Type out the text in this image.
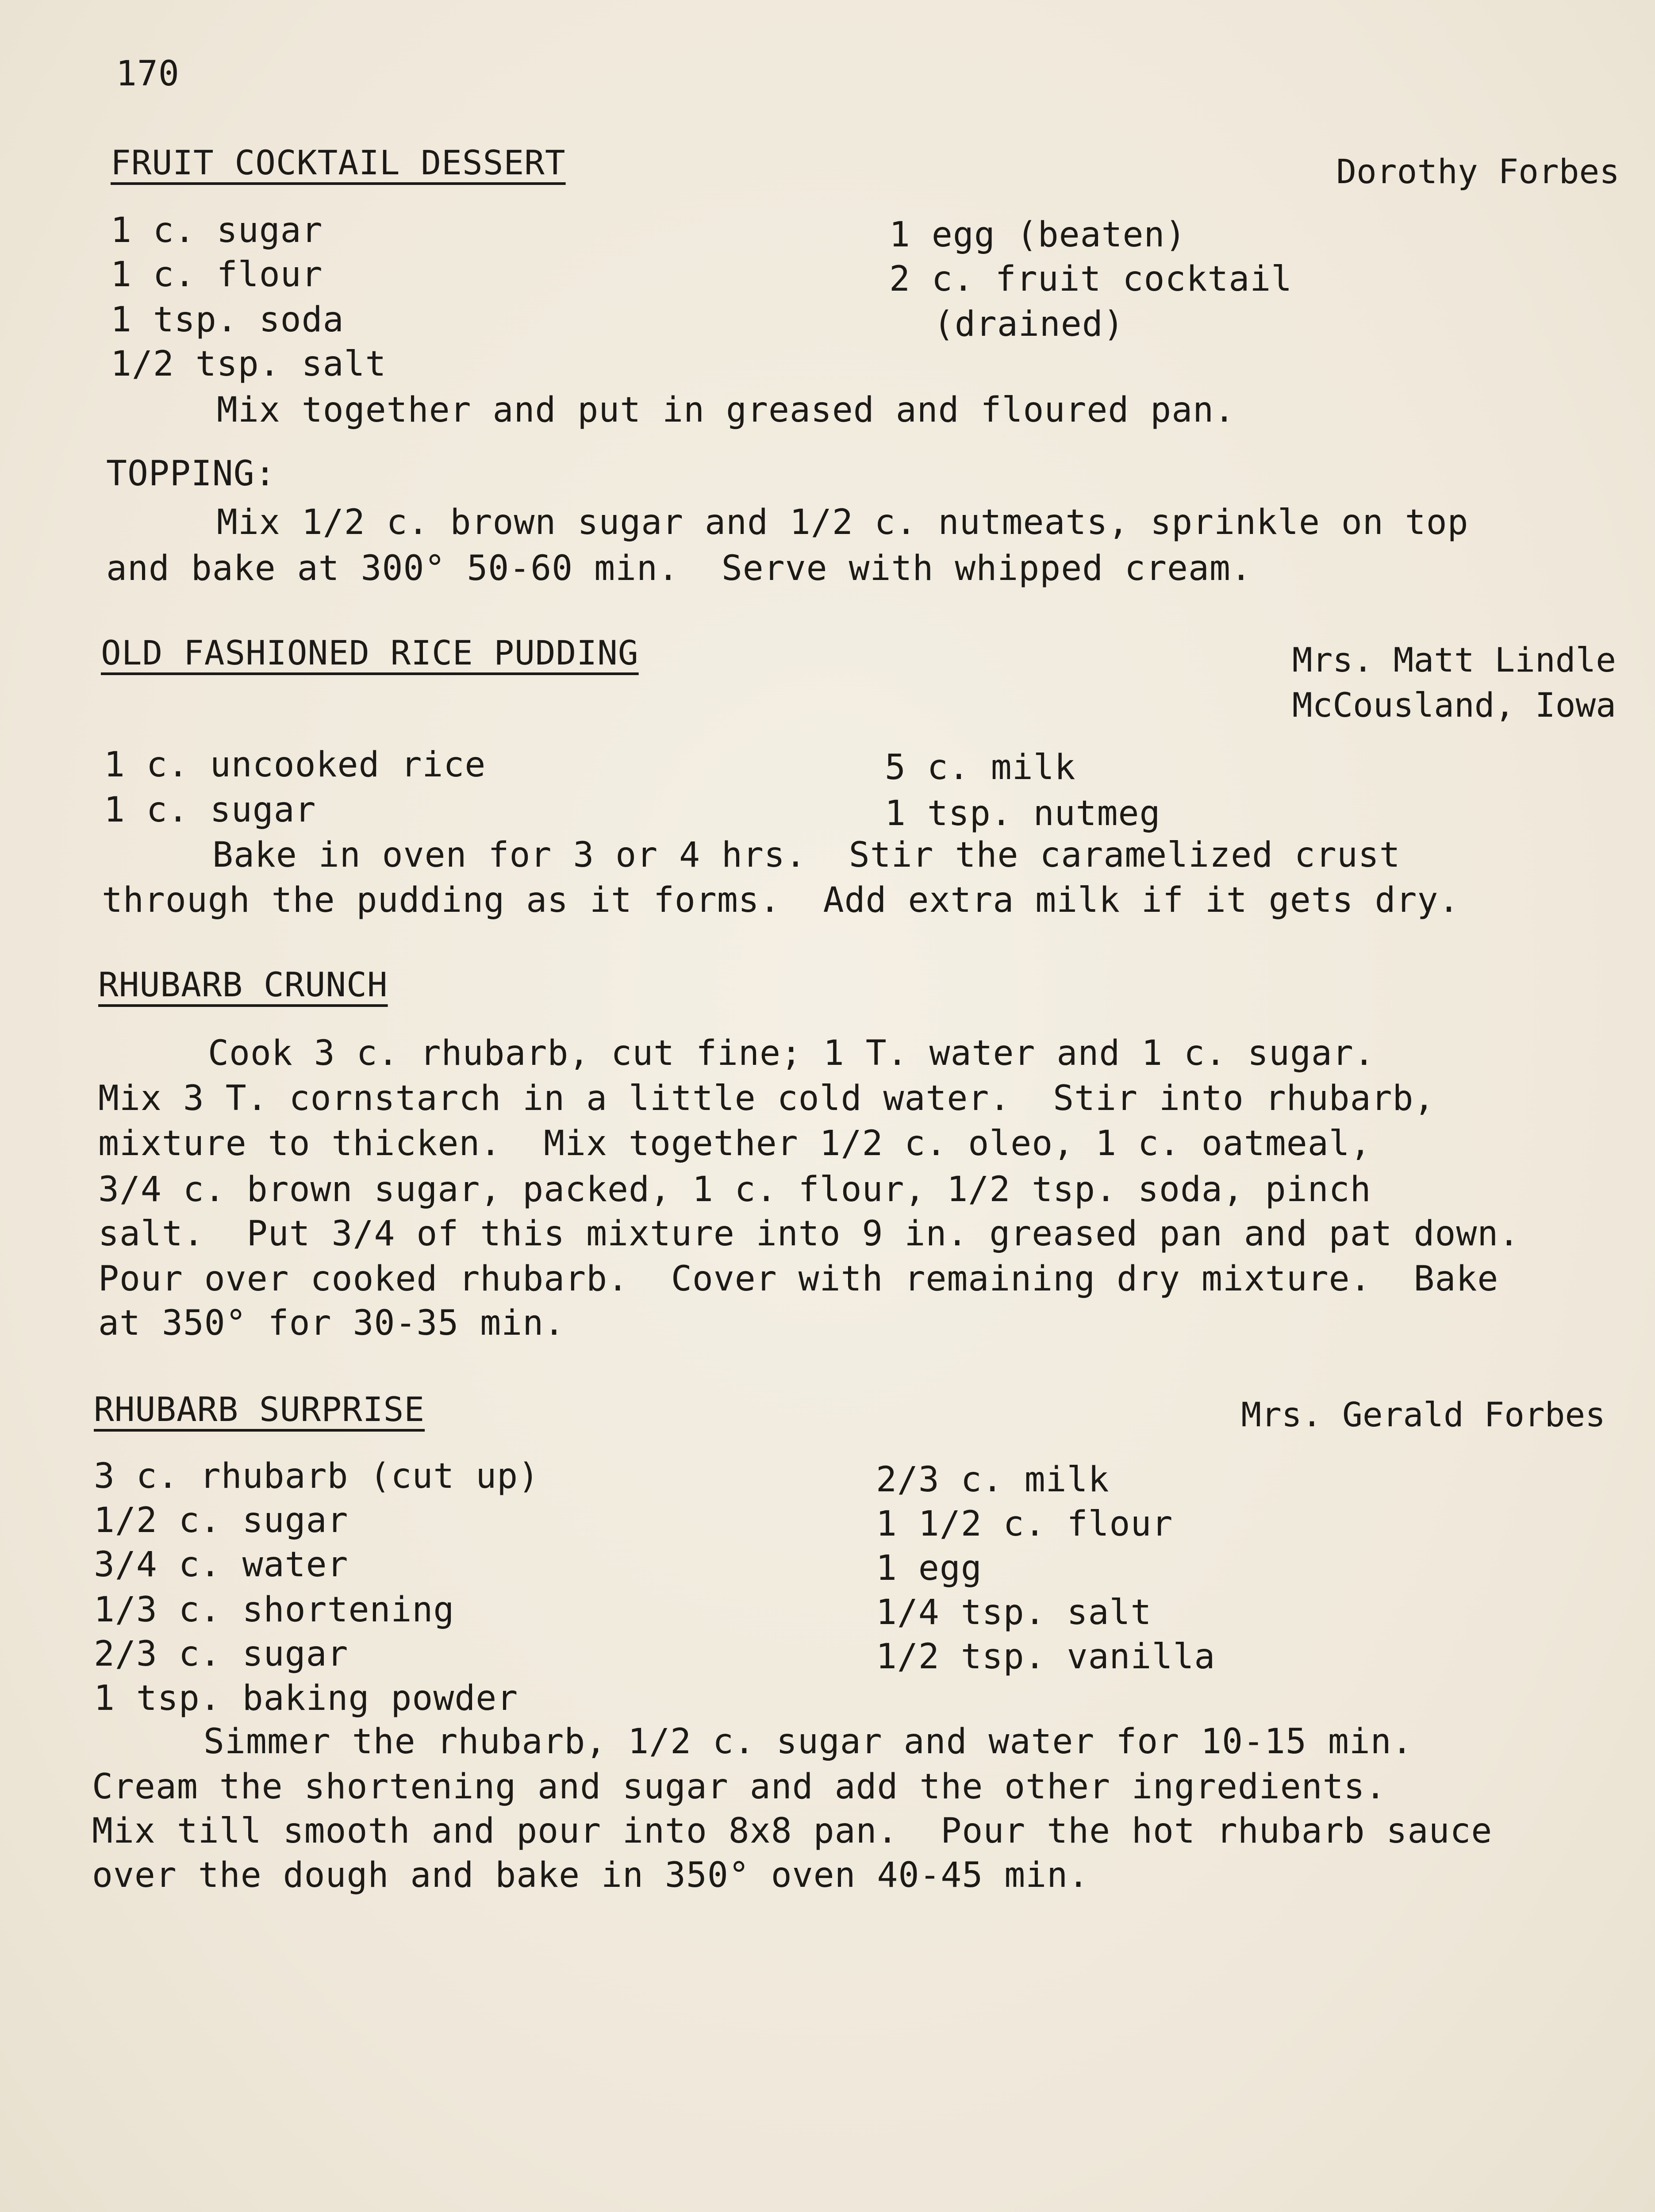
170
FRUIT COCKTAIL DESSERT	Dorothy Forbes
1 c. sugar
1 c. flour
1 tsp. soda
1/2 tsp. salt
1 egg (beaten)
2 c. fruit cocktail
(drained)
Mix together and put in greased and floured pan.
TOPPING:
Mix 1/2 c. brown sugar and 1/2 c. nutmeats, sprinkle on top
and bake at 300° 50-60 min.  Serve with whipped cream.
OLD FASHIONED RICE PUDDING	Mrs. Matt Lindle
McCousland, Iowa
1 c. uncooked rice
1 c. sugar
5 c. milk
1 tsp. nutmeg
Bake in oven for 3 or 4 hrs.  Stir the caramelized crust
through the pudding as it forms.  Add extra milk if it gets dry.
RHUBARB CRUNCH
Cook 3 c. rhubarb, cut fine; 1 T. water and 1 c. sugar.
Mix 3 T. cornstarch in a little cold water.  Stir into rhubarb,
mixture to thicken.  Mix together 1/2 c. oleo, 1 c. oatmeal,
3/4 c. brown sugar, packed, 1 c. flour, 1/2 tsp. soda, pinch
salt.  Put 3/4 of this mixture into 9 in. greased pan and pat down.
Pour over cooked rhubarb.  Cover with remaining dry mixture.  Bake
at 350° for 30-35 min.
RHUBARB SURPRISE	Mrs. Gerald Forbes
3 c. rhubarb (cut up)
1/2 c. sugar
3/4 c. water
1/3 c. shortening
2/3 c. sugar
1 tsp. baking powder
2/3 c. milk
1 1/2 c. flour
1 egg
1/4 tsp. salt
1/2 tsp. vanilla
Simmer the rhubarb, 1/2 c. sugar and water for 10-15 min.
Cream the shortening and sugar and add the other ingredients.
Mix till smooth and pour into 8x8 pan.  Pour the hot rhubarb sauce
over the dough and bake in 350° oven 40-45 min.
